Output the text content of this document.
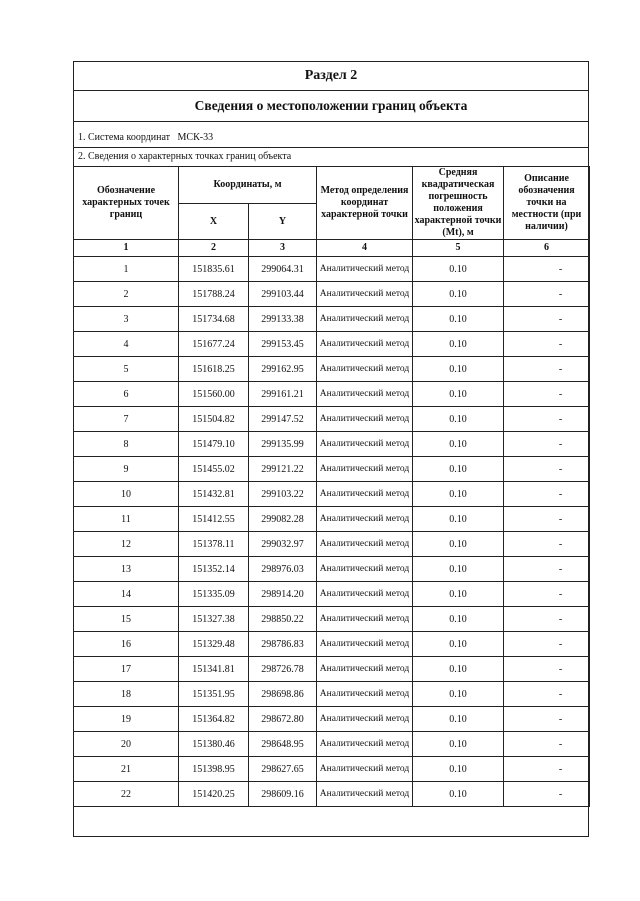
Раздел 2
Сведения о местоположении границ объекта
1. Система координат МСК-33
2. Сведения о характерных точках границ объекта
Обозначение характерных точек границ	Координаты, м		Метод определения координат характерной точки	Средняя квадратическая погрешность положения характерной точки (Mt), м	Описание обозначения точки на местности (при наличии)
	X	Y			
1	2	3	4	5	6
1	151835.61	299064.31	Аналитический метод	0.10	-
2	151788.24	299103.44	Аналитический метод	0.10	-
3	151734.68	299133.38	Аналитический метод	0.10	-
4	151677.24	299153.45	Аналитический метод	0.10	-
5	151618.25	299162.95	Аналитический метод	0.10	-
6	151560.00	299161.21	Аналитический метод	0.10	-
7	151504.82	299147.52	Аналитический метод	0.10	-
8	151479.10	299135.99	Аналитический метод	0.10	-
9	151455.02	299121.22	Аналитический метод	0.10	-
10	151432.81	299103.22	Аналитический метод	0.10	-
11	151412.55	299082.28	Аналитический метод	0.10	-
12	151378.11	299032.97	Аналитический метод	0.10	-
13	151352.14	298976.03	Аналитический метод	0.10	-
14	151335.09	298914.20	Аналитический метод	0.10	-
15	151327.38	298850.22	Аналитический метод	0.10	-
16	151329.48	298786.83	Аналитический метод	0.10	-
17	151341.81	298726.78	Аналитический метод	0.10	-
18	151351.95	298698.86	Аналитический метод	0.10	-
19	151364.82	298672.80	Аналитический метод	0.10	-
20	151380.46	298648.95	Аналитический метод	0.10	-
21	151398.95	298627.65	Аналитический метод	0.10	-
22	151420.25	298609.16	Аналитический метод	0.10	-
